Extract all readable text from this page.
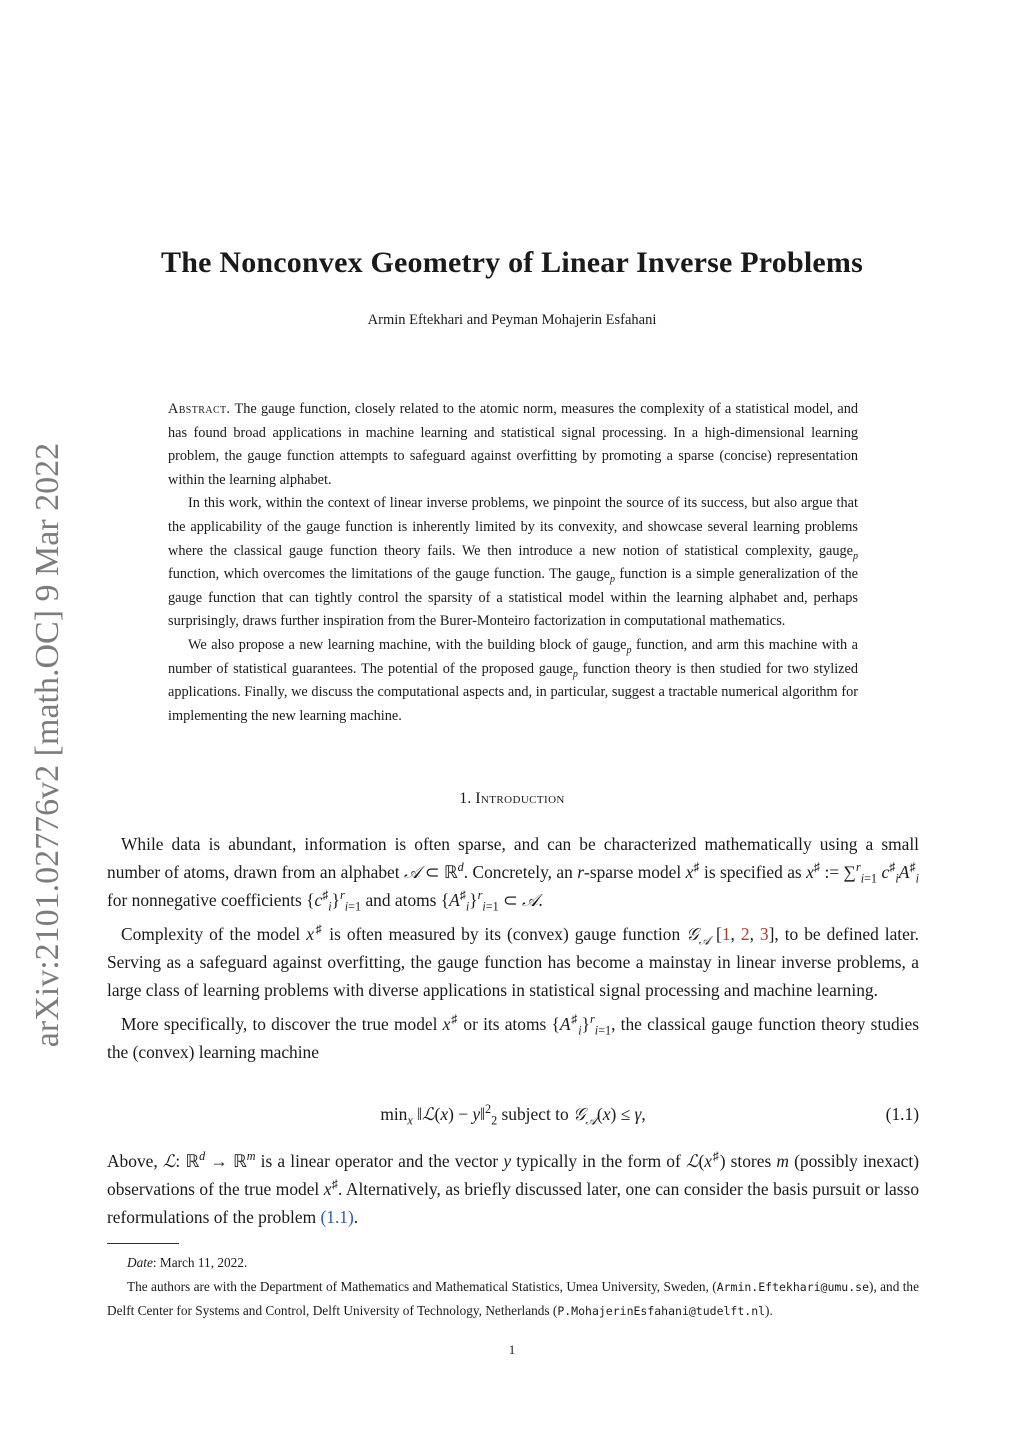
arXiv:2101.02776v2 [math.OC] 9 Mar 2022
The Nonconvex Geometry of Linear Inverse Problems
Armin Eftekhari and Peyman Mohajerin Esfahani

Abstract. The gauge function, closely related to the atomic norm, measures the complexity of a statistical model, and has found broad applications in machine learning and statistical signal processing. In a high-dimensional learning problem, the gauge function attempts to safeguard against overfitting by promoting a sparse (concise) representation within the learning alphabet.

In this work, within the context of linear inverse problems, we pinpoint the source of its success, but also argue that the applicability of the gauge function is inherently limited by its convexity, and showcase several learning problems where the classical gauge function theory fails. We then introduce a new notion of statistical complexity, gauge$_p$ function, which overcomes the limitations of the gauge function. The gauge$_p$ function is a simple generalization of the gauge function that can tightly control the sparsity of a statistical model within the learning alphabet and, perhaps surprisingly, draws further inspiration from the Burer-Monteiro factorization in computational mathematics.

We also propose a new learning machine, with the building block of gauge$_p$ function, and arm this machine with a number of statistical guarantees. The potential of the proposed gauge$_p$ function theory is then studied for two stylized applications. Finally, we discuss the computational aspects and, in particular, suggest a tractable numerical algorithm for implementing the new learning machine.

1. Introduction

While data is abundant, information is often sparse, and can be characterized mathematically using a small number of atoms, drawn from an alphabet 𝒜 ⊂ ℝ$^d$. Concretely, an r-sparse model x♯ is specified as x♯ := ∑$^r_{i=1}$ $c^♯_iA^♯_i$ for nonnegative coefficients $\{c^♯_i\}^r_{i=1}$ and atoms $\{A^♯_i\}^r_{i=1}$ ⊂ 𝒜.

Complexity of the model x♯ is often measured by its (convex) gauge function 𝒢$_𝒜$ [1, 2, 3], to be defined later. Serving as a safeguard against overfitting, the gauge function has become a mainstay in linear inverse problems, a large class of learning problems with diverse applications in statistical signal processing and machine learning.

More specifically, to discover the true model x♯ or its atoms $\{A^♯_i\}^r_{i=1}$, the classical gauge function theory studies the (convex) learning machine

$\min_x$ ‖ℒ(x) − y‖$^2_2$ subject to 𝒢$_𝒜$(x) ≤ γ,	(1.1)

Above, ℒ: ℝ$^d$ → ℝ$^m$ is a linear operator and the vector y typically in the form of ℒ(x♯) stores m (possibly inexact) observations of the true model x♯. Alternatively, as briefly discussed later, one can consider the basis pursuit or lasso reformulations of the problem (1.1).

Date: March 11, 2022.

The authors are with the Department of Mathematics and Mathematical Statistics, Umea University, Sweden, (Armin.Eftekhari@umu.se), and the Delft Center for Systems and Control, Delft University of Technology, Netherlands (P.MohajerinEsfahani@tudelft.nl).

1
